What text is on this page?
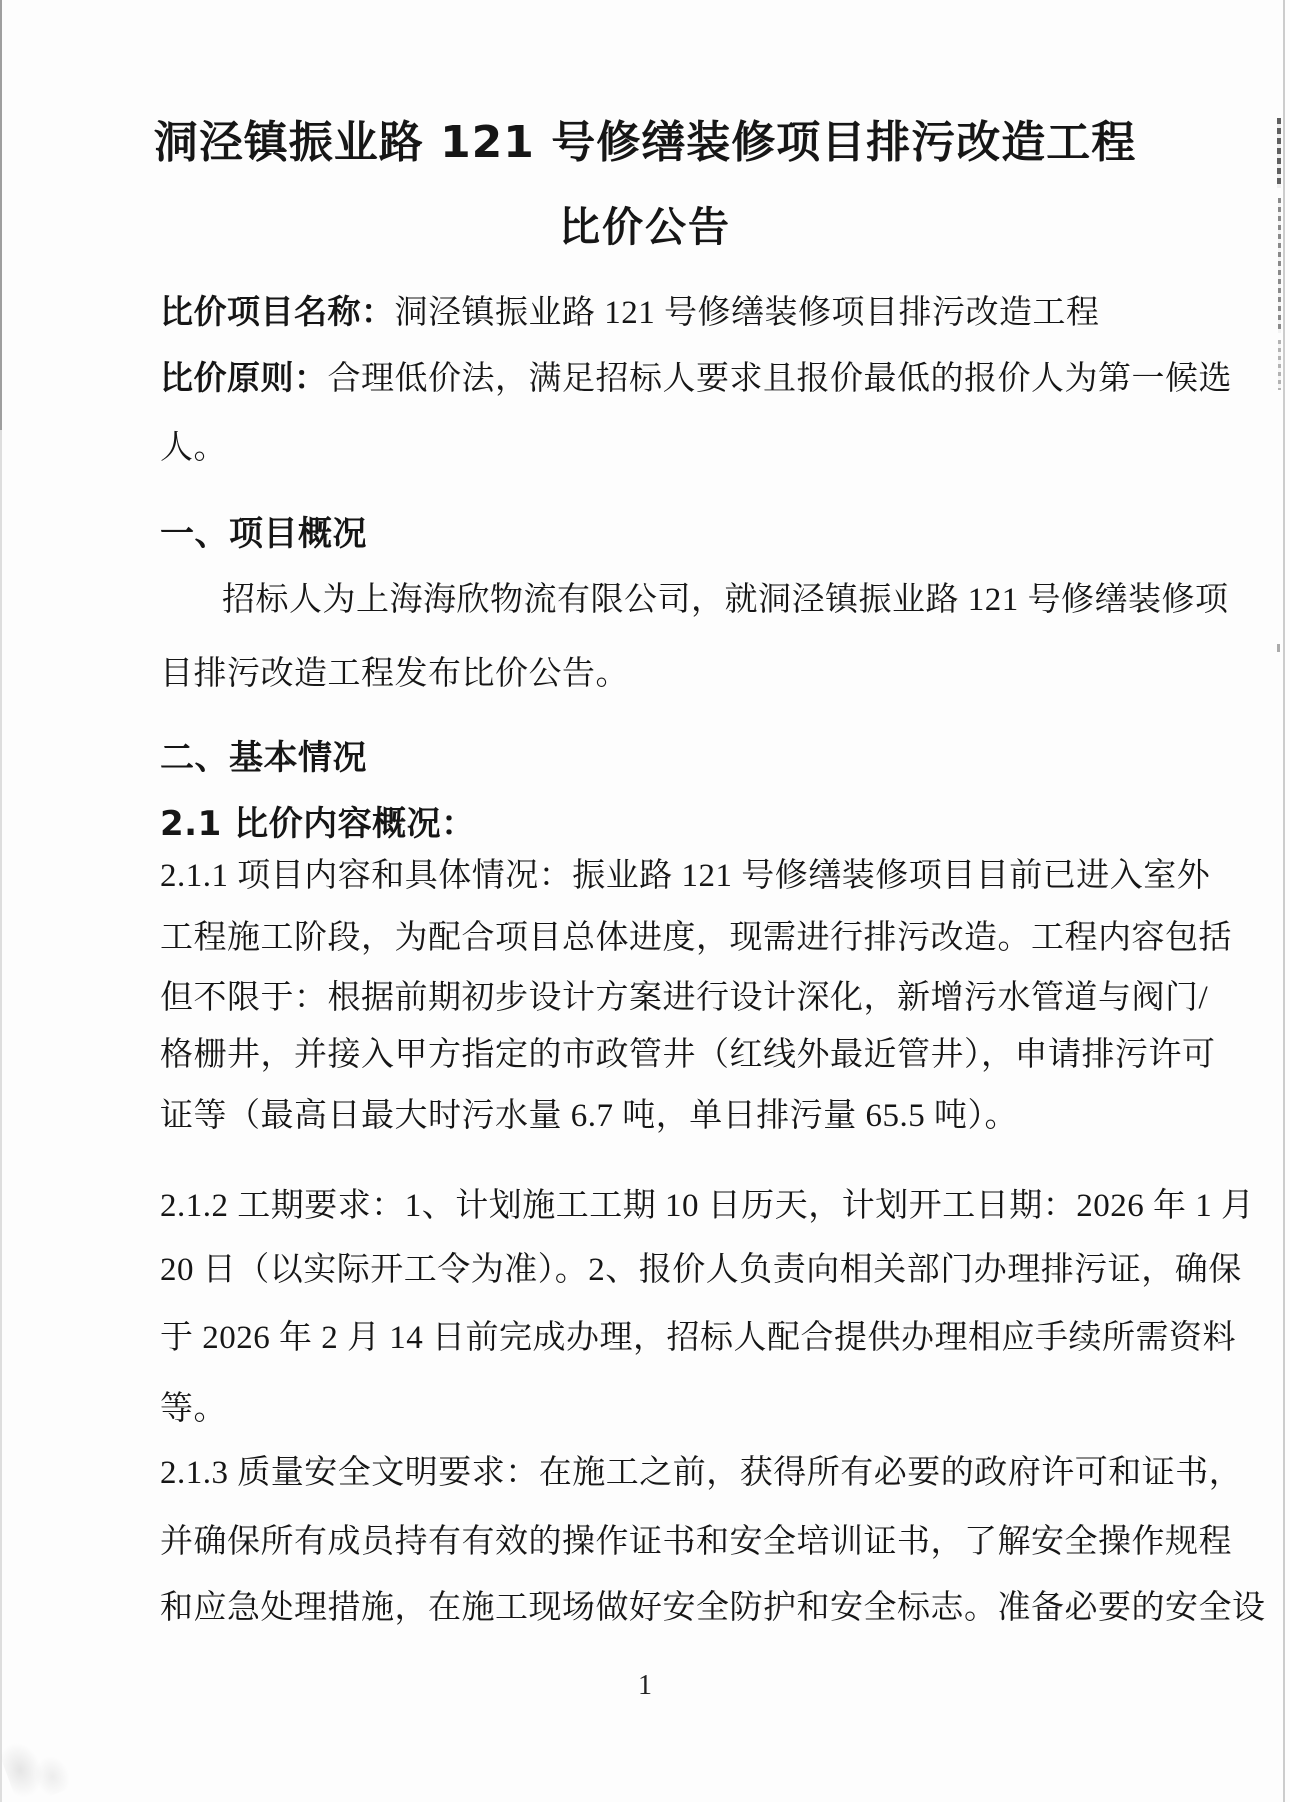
洞泾镇振业路 121 号修缮装修项目排污改造工程
比价公告
比价项目名称：洞泾镇振业路 121 号修缮装修项目排污改造工程
比价原则：合理低价法，满足招标人要求且报价最低的报价人为第一候选
人。
一、项目概况
招标人为上海海欣物流有限公司，就洞泾镇振业路 121 号修缮装修项
目排污改造工程发布比价公告。
二、基本情况
2.1 比价内容概况：
2.1.1 项目内容和具体情况：振业路 121 号修缮装修项目目前已进入室外
工程施工阶段，为配合项目总体进度，现需进行排污改造。工程内容包括
但不限于：根据前期初步设计方案进行设计深化，新增污水管道与阀门/
格栅井，并接入甲方指定的市政管井（红线外最近管井），申请排污许可
证等（最高日最大时污水量 6.7 吨，单日排污量 65.5 吨）。
2.1.2 工期要求：1、计划施工工期 10 日历天，计划开工日期：2026 年 1 月
20 日（以实际开工令为准）。2、报价人负责向相关部门办理排污证，确保
于 2026 年 2 月 14 日前完成办理，招标人配合提供办理相应手续所需资料
等。
2.1.3 质量安全文明要求：在施工之前，获得所有必要的政府许可和证书，
并确保所有成员持有有效的操作证书和安全培训证书，了解安全操作规程
和应急处理措施，在施工现场做好安全防护和安全标志。准备必要的安全设
1
